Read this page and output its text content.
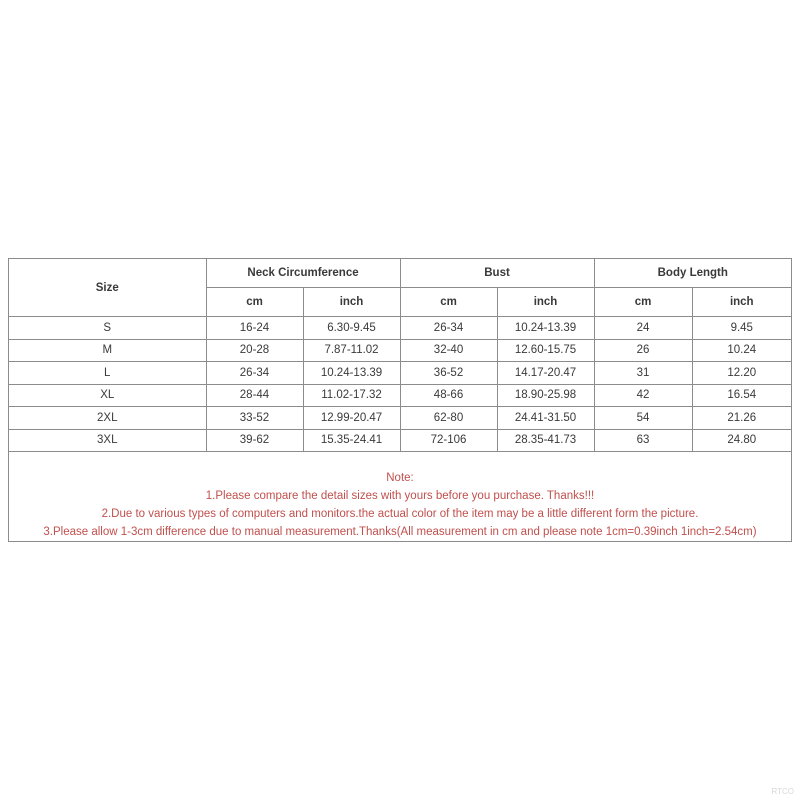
Size	Neck Circumference		Bust		Body Length	
	cm	inch	cm	inch	cm	inch
S	16-24	6.30-9.45	26-34	10.24-13.39	24	9.45
M	20-28	7.87-11.02	32-40	12.60-15.75	26	10.24
L	26-34	10.24-13.39	36-52	14.17-20.47	31	12.20
XL	28-44	11.02-17.32	48-66	18.90-25.98	42	16.54
2XL	33-52	12.99-20.47	62-80	24.41-31.50	54	21.26
3XL	39-62	15.35-24.41	72-106	28.35-41.73	63	24.80
Note:
1.Please compare the detail sizes with yours before you purchase. Thanks!!!
2.Due to various types of computers and monitors.the actual color of the item may be a little different form the picture.
3.Please allow 1-3cm difference due to manual measurement.Thanks(All measurement in cm and please note 1cm=0.39inch 1inch=2.54cm)
RTCO
